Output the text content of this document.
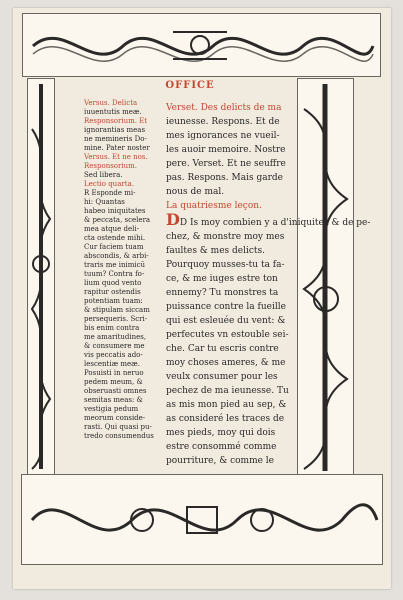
OFFICE
Versus. Delicta
iuuentutis meæ.
Responsorium. Et
ignorantias meas
ne memineris Do-
mine. Pater noster
Versus. Et ne nos.
Responsorium.
Sed libera.
Lectio quarta.
R Esponde mi-
hi: Quantas
habeo iniquitates
& peccata, scelera
mea atque deli-
cta ostende mihi.
Cur faciem tuam
abscondis, & arbi-
traris me inimicū
tuum? Contra fo-
lium quod vento
rapitur ostendis
potentiam tuam:
& stipulam siccam
persequeris. Scri-
bis enim contra
me amaritudines,
& consumere me
vis peccatis ado-
lescentiæ meæ.
Posuisti in neruo
pedem meum, &
obseruasti omnes
semitas meas: &
vestigia pedum
meorum conside-
rasti. Qui quasi pu-
tredo consumendus
Verset. Des delicts de ma
ieunesse. Respons. Et de
mes ignorances ne vueil-
les auoir memoire. Nostre
pere. Verset. Et ne seuffre
pas. Respons. Mais garde
nous de mal.
La quatriesme leçon.
DD Is moy combien y a d'iniquitez & de pe-
chez, & monstre moy mes
faultes & mes delicts.
Pourquoy musses-tu ta fa-
ce, & me iuges estre ton
ennemy? Tu monstres ta
puissance contre la fueille
qui est esleuée du vent: &
perfecutes vn estouble sei-
che. Car tu escris contre
moy choses ameres, & me
veulx consumer pour les
pechez de ma ieunesse. Tu
as mis mon pied au sep, &
as consideré les traces de
mes pieds, moy qui dois
estre consommé comme
pourriture, & comme le
